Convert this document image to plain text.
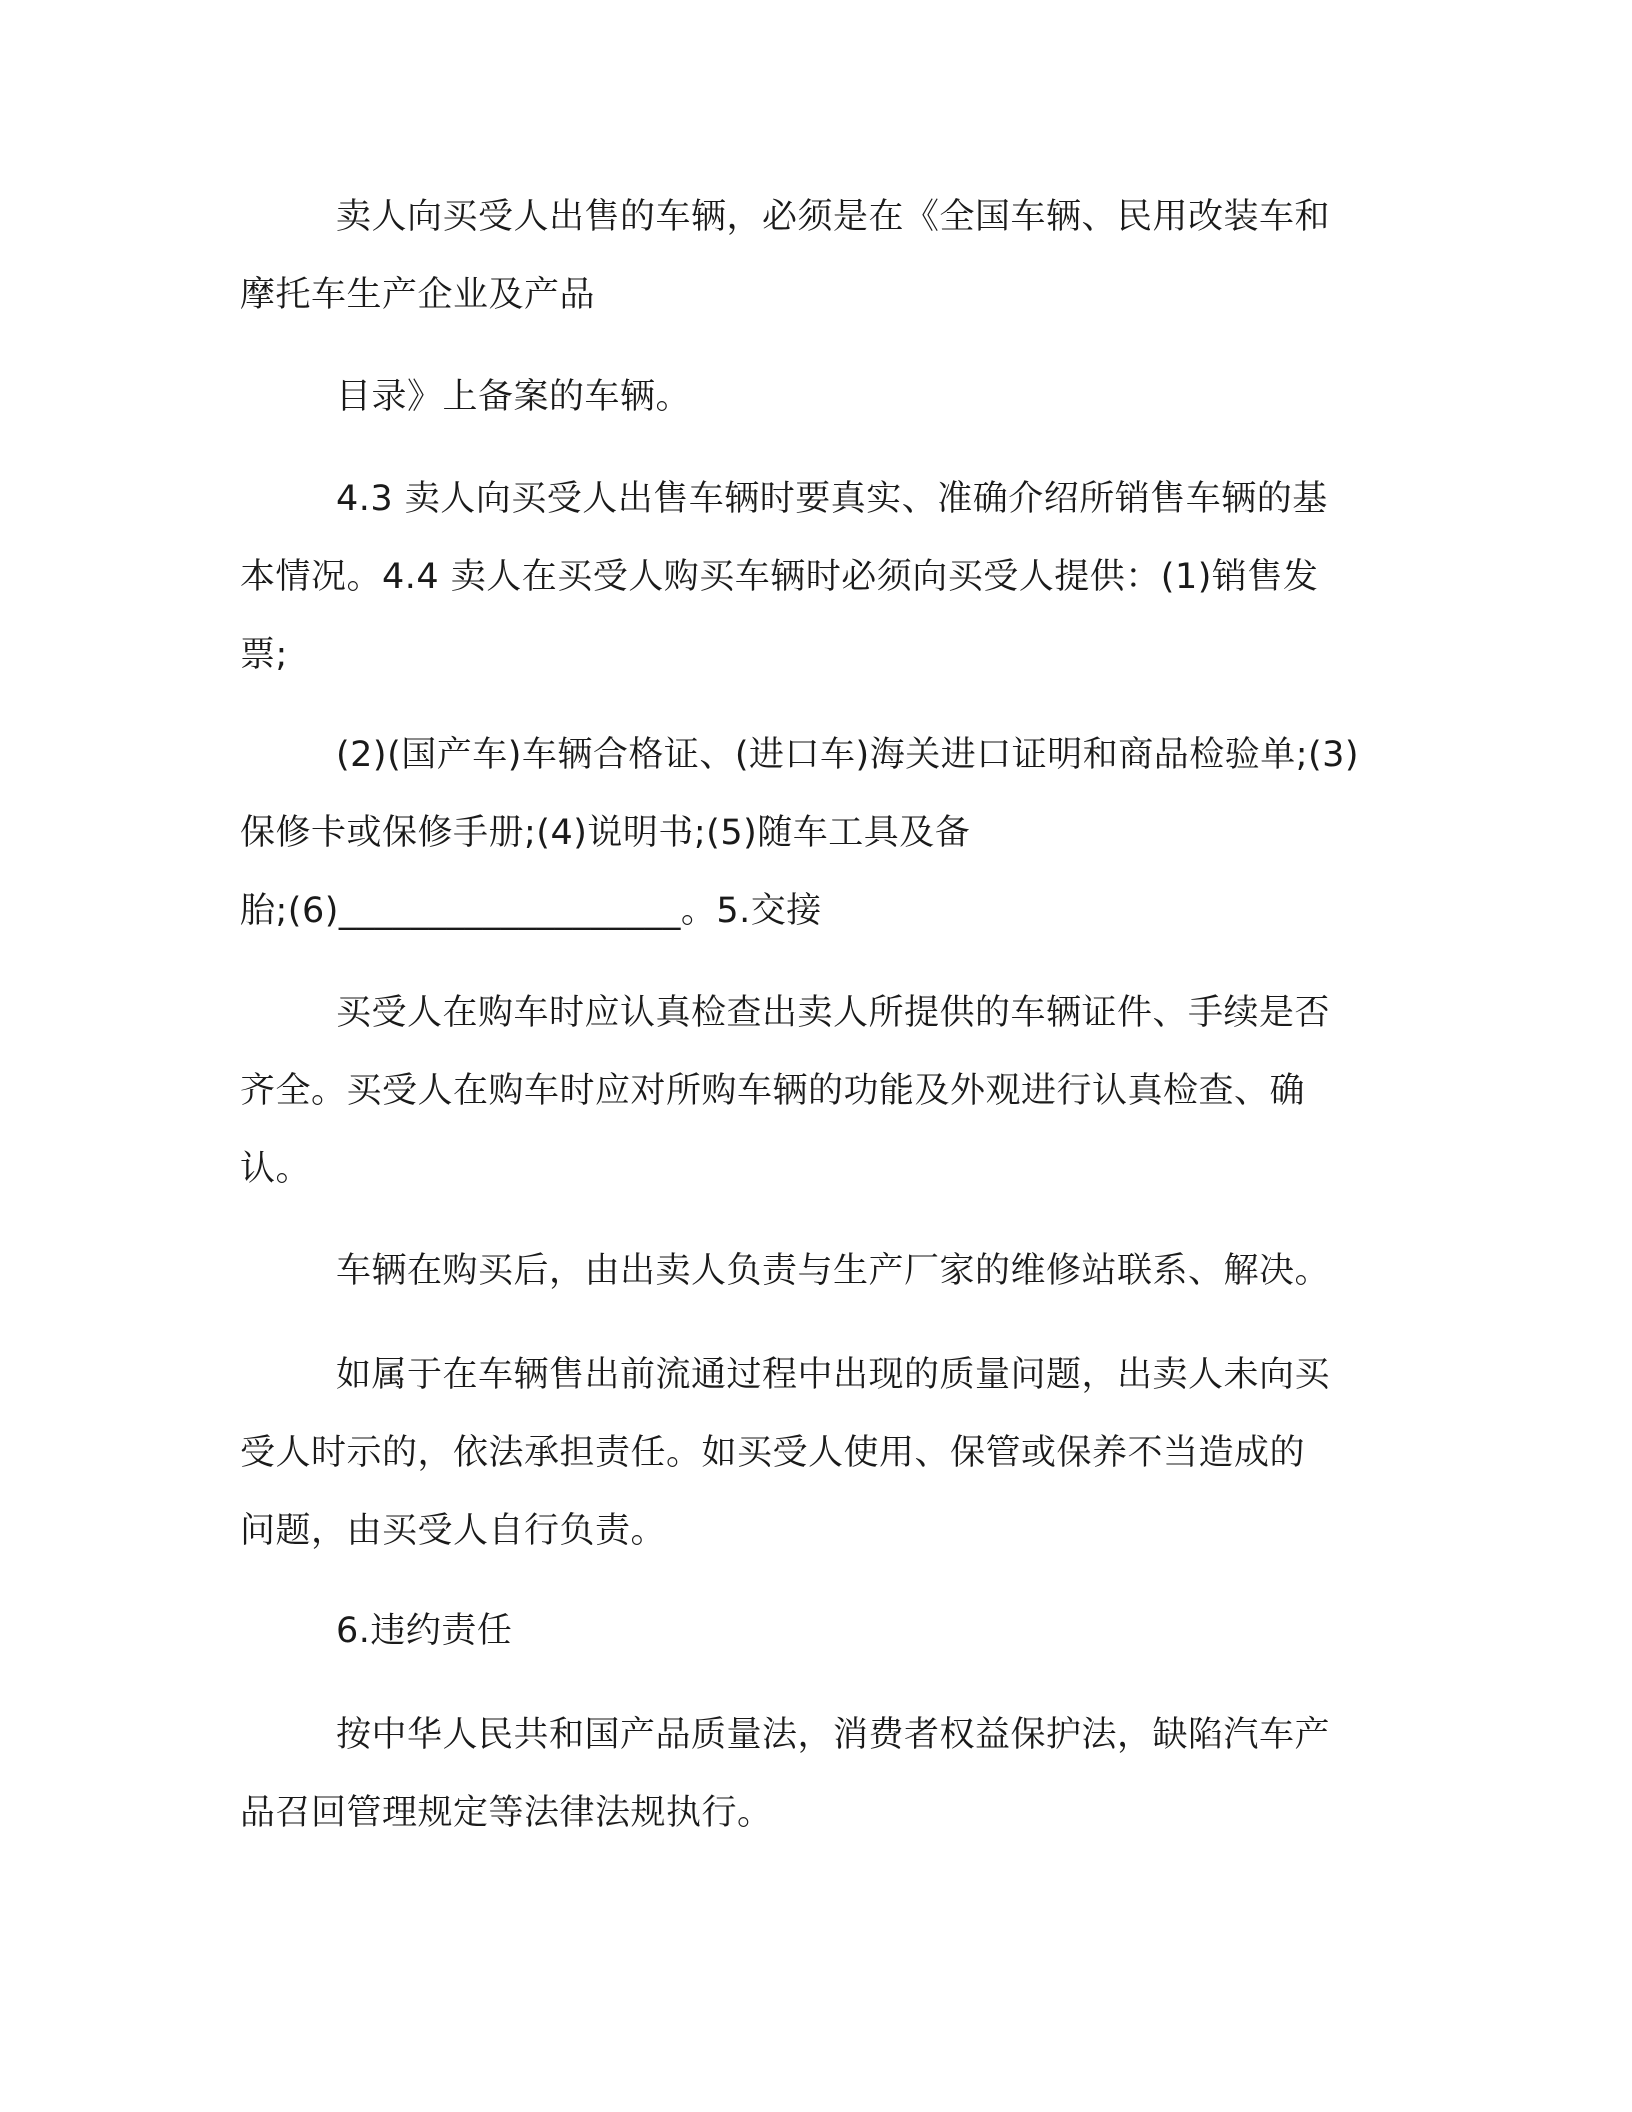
卖人向买受人出售的车辆，必须是在《全国车辆、民用改装车和
摩托车生产企业及产品

目录》上备案的车辆。

4.3 卖人向买受人出售车辆时要真实、准确介绍所销售车辆的基
本情况。4.4 卖人在买受人购买车辆时必须向买受人提供：(1)销售发
票;

(2)(国产车)车辆合格证、(进口车)海关进口证明和商品检验单;(3)
保修卡或保修手册;(4)说明书;(5)随车工具及备
胎;(6)___________________。5.交接

买受人在购车时应认真检查出卖人所提供的车辆证件、手续是否
齐全。买受人在购车时应对所购车辆的功能及外观进行认真检查、确
认。

车辆在购买后，由出卖人负责与生产厂家的维修站联系、解决。

如属于在车辆售出前流通过程中出现的质量问题，出卖人未向买
受人时示的，依法承担责任。如买受人使用、保管或保养不当造成的
问题，由买受人自行负责。

6.违约责任

按中华人民共和国产品质量法，消费者权益保护法，缺陷汽车产
品召回管理规定等法律法规执行。
